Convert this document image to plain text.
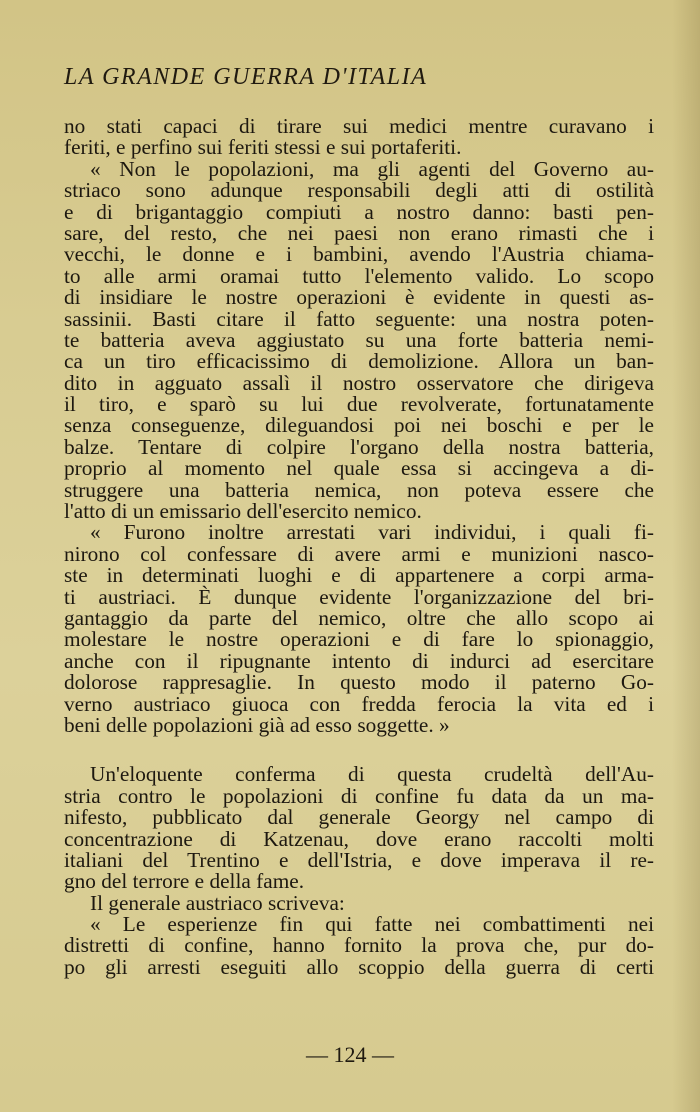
LA GRANDE GUERRA D'ITALIA
no stati capaci di tirare sui medici mentre curavano i
feriti, e perfino sui feriti stessi e sui portaferiti.
« Non le popolazioni, ma gli agenti del Governo au-
striaco sono adunque responsabili degli atti di ostilità
e di brigantaggio compiuti a nostro danno: basti pen-
sare, del resto, che nei paesi non erano rimasti che i
vecchi, le donne e i bambini, avendo l'Austria chiama-
to alle armi oramai tutto l'elemento valido. Lo scopo
di insidiare le nostre operazioni è evidente in questi as-
sassinii. Basti citare il fatto seguente: una nostra poten-
te batteria aveva aggiustato su una forte batteria nemi-
ca un tiro efficacissimo di demolizione. Allora un ban-
dito in agguato assalì il nostro osservatore che dirigeva
il tiro, e sparò su lui due revolverate, fortunatamente
senza conseguenze, dileguandosi poi nei boschi e per le
balze. Tentare di colpire l'organo della nostra batteria,
proprio al momento nel quale essa si accingeva a di-
struggere una batteria nemica, non poteva essere che
l'atto di un emissario dell'esercito nemico.
« Furono inoltre arrestati vari individui, i quali fi-
nirono col confessare di avere armi e munizioni nasco-
ste in determinati luoghi e di appartenere a corpi arma-
ti austriaci. È dunque evidente l'organizzazione del bri-
gantaggio da parte del nemico, oltre che allo scopo ai
molestare le nostre operazioni e di fare lo spionaggio,
anche con il ripugnante intento di indurci ad esercitare
dolorose rappresaglie. In questo modo il paterno Go-
verno austriaco giuoca con fredda ferocia la vita ed i
beni delle popolazioni già ad esso soggette. »
Un'eloquente conferma di questa crudeltà dell'Au-
stria contro le popolazioni di confine fu data da un ma-
nifesto, pubblicato dal generale Georgy nel campo di
concentrazione di Katzenau, dove erano raccolti molti
italiani del Trentino e dell'Istria, e dove imperava il re-
gno del terrore e della fame.
Il generale austriaco scriveva:
« Le esperienze fin qui fatte nei combattimenti nei
distretti di confine, hanno fornito la prova che, pur do-
po gli arresti eseguiti allo scoppio della guerra di certi
— 124 —
